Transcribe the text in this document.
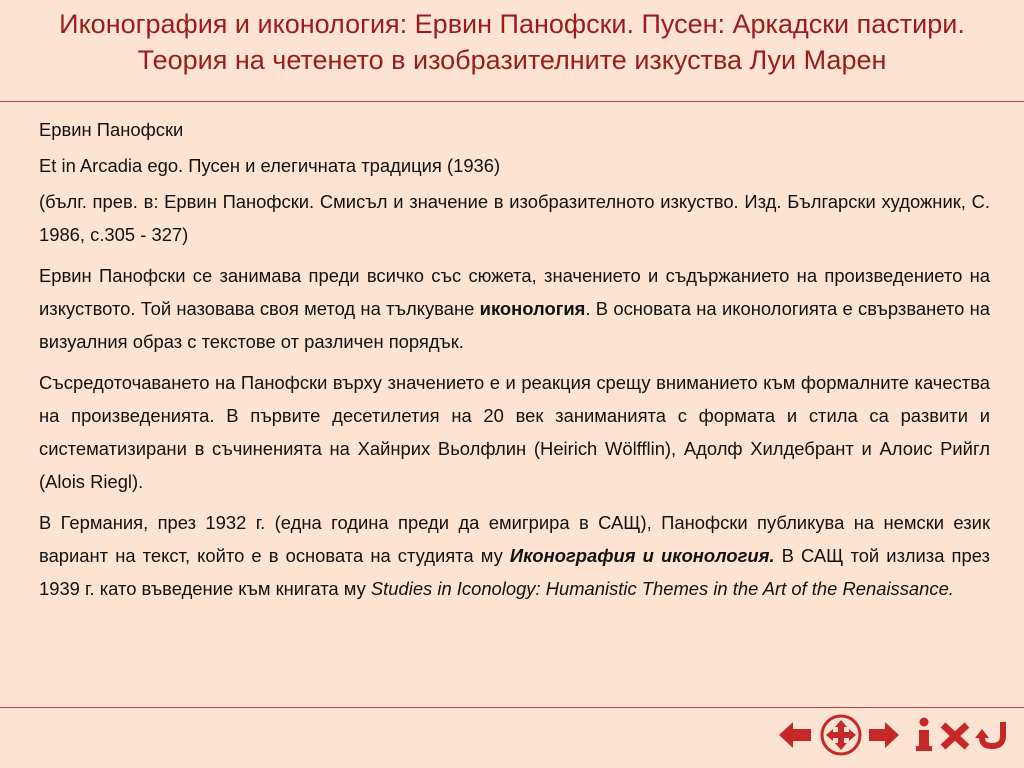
Иконография и иконология: Ервин Панофски. Пусен: Аркадски пастири.
Теория на четенето в изобразителните изкуства Луи Марен

Ервин Панофски

Et in Arcadia ego. Пусен и елегичната традиция (1936)

(бълг. прев. в: Ервин Панофски. Смисъл и значение в изобразителното изкуство. Изд. Български художник, С. 1986, с.305 - 327)

Ервин Панофски се занимава преди всичко със сюжета, значението и съдържанието на произведението на изкуството. Той назовава своя метод на тълкуване иконология. В основата на иконологията е свързването на визуалния образ с текстове от различен порядък.

Съсредоточаването на Панофски върху значението е и реакция срещу вниманието към формалните качества на произведенията. В първите десетилетия на 20 век заниманията с формата и стила са развити и систематизирани в съчиненията на Хайнрих Вьолфлин (Heirich Wölfflin), Адолф Хилдебрант и Алоис Рийгл (Alois Riegl).

В Германия, през 1932 г. (една година преди да емигрира в САЩ), Панофски публикува на немски език вариант на текст, който е в основата на студията му Иконография и иконология. В САЩ той излиза през 1939 г. като въведение към книгата му Studies in Iconology: Humanistic Themes in the Art of the Renaissance.
